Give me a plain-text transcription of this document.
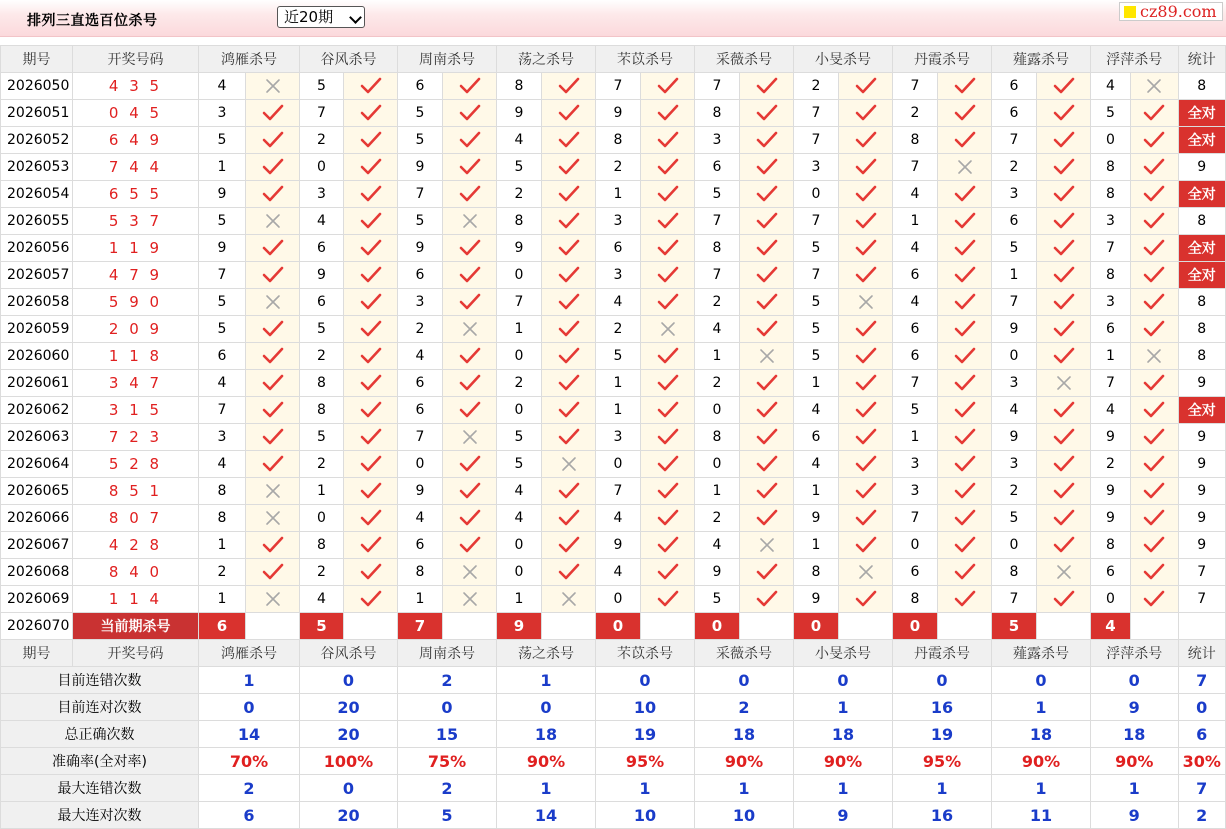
排列三直选百位杀号	近20期	cz89.com
期号	开奖号码	鸿雁杀号		谷风杀号		周南杀号		荡之杀号		芣苡杀号		采薇杀号		小旻杀号		丹霞杀号		薤露杀号		浮萍杀号		统计
2026050	4 3 5	4		5		6		8		7		7		2		7		6		4		8
2026051	0 4 5	3		7		5		9		9		8		7		2		6		5		全对
2026052	6 4 9	5		2		5		4		8		3		7		8		7		0		全对
2026053	7 4 4	1		0		9		5		2		6		3		7		2		8		9
2026054	6 5 5	9		3		7		2		1		5		0		4		3		8		全对
2026055	5 3 7	5		4		5		8		3		7		7		1		6		3		8
2026056	1 1 9	9		6		9		9		6		8		5		4		5		7		全对
2026057	4 7 9	7		9		6		0		3		7		7		6		1		8		全对
2026058	5 9 0	5		6		3		7		4		2		5		4		7		3		8
2026059	2 0 9	5		5		2		1		2		4		5		6		9		6		8
2026060	1 1 8	6		2		4		0		5		1		5		6		0		1		8
2026061	3 4 7	4		8		6		2		1		2		1		7		3		7		9
2026062	3 1 5	7		8		6		0		1		0		4		5		4		4		全对
2026063	7 2 3	3		5		7		5		3		8		6		1		9		9		9
2026064	5 2 8	4		2		0		5		0		0		4		3		3		2		9
2026065	8 5 1	8		1		9		4		7		1		1		3		2		9		9
2026066	8 0 7	8		0		4		4		4		2		9		7		5		9		9
2026067	4 2 8	1		8		6		0		9		4		1		0		0		8		9
2026068	8 4 0	2		2		8		0		4		9		8		6		8		6		7
2026069	1 1 4	1		4		1		1		0		5		9		8		7		0		7
2026070	当前期杀号	6		5		7		9		0		0		0		0		5		4		
期号	开奖号码	鸿雁杀号		谷风杀号		周南杀号		荡之杀号		芣苡杀号		采薇杀号		小旻杀号		丹霞杀号		薤露杀号		浮萍杀号		统计
目前连错次数		1		0		2		1		0		0		0		0		0		0		7
目前连对次数		0		20		0		0		10		2		1		16		1		9		0
总正确次数		14		20		15		18		19		18		18		19		18		18		6
准确率(全对率)		70%		100%		75%		90%		95%		90%		90%		95%		90%		90%		30%
最大连错次数		2		0		2		1		1		1		1		1		1		1		7
最大连对次数		6		20		5		14		10		10		9		16		11		9		2
